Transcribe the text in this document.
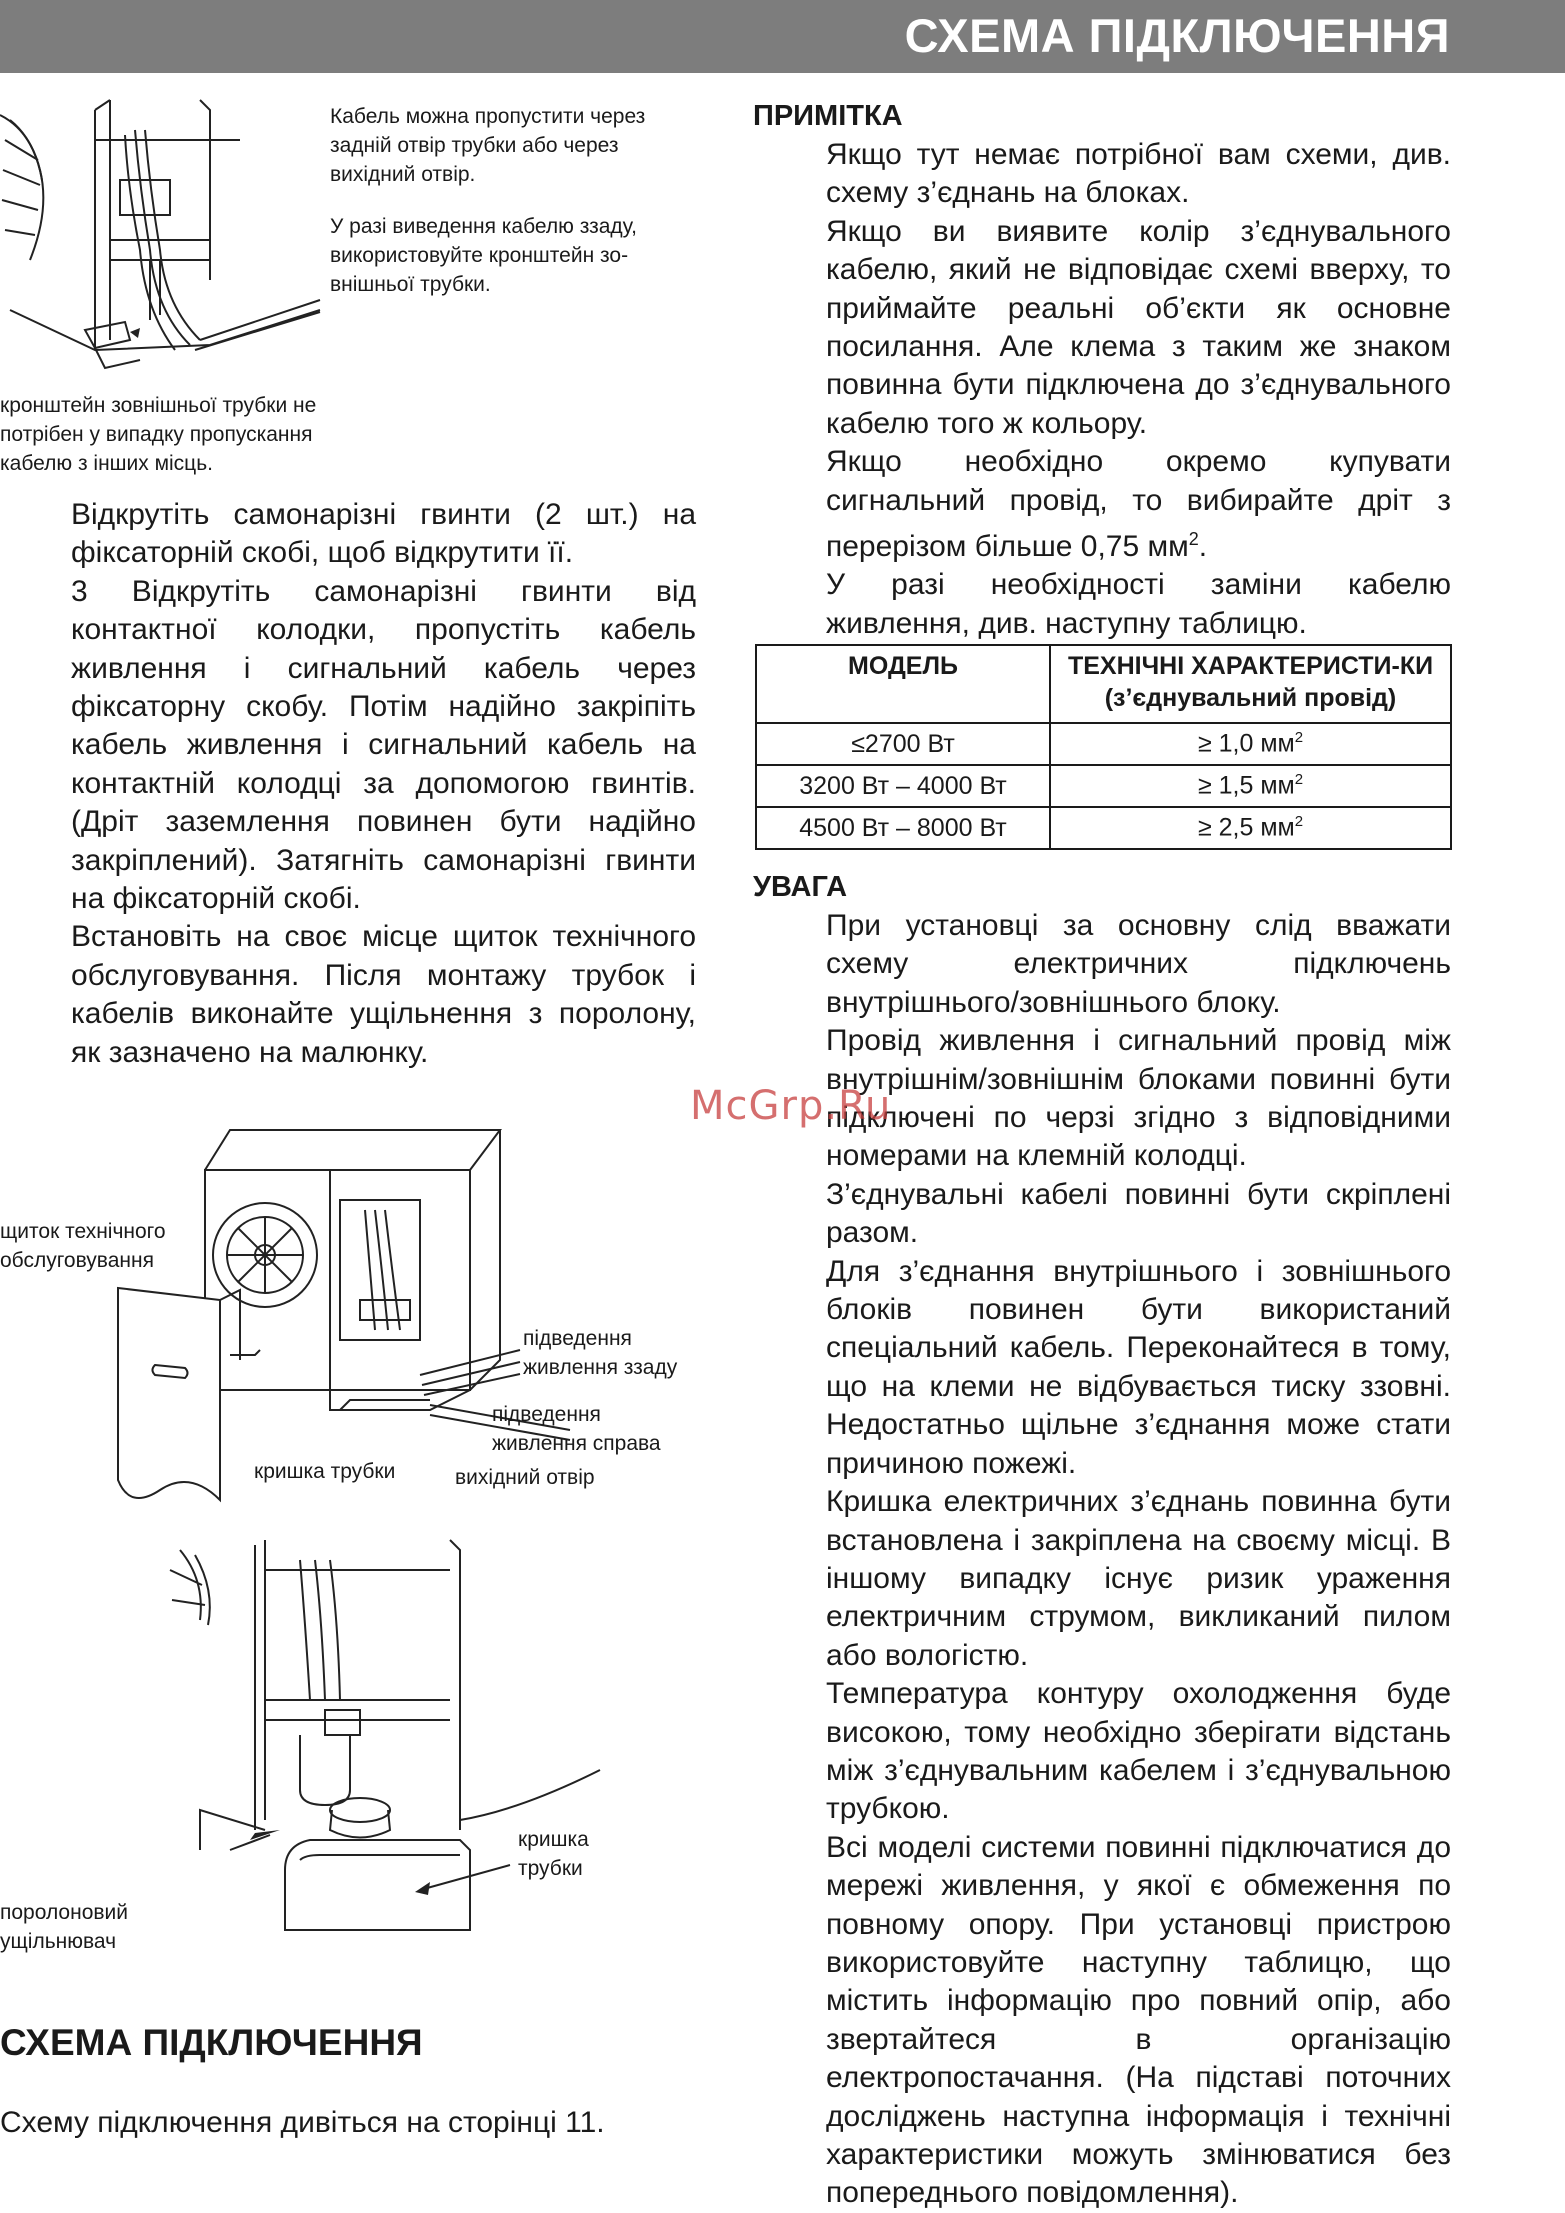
СХЕМА ПІДКЛЮЧЕННЯ
Кабель можна пропустити через
задній отвір трубки або через
вихідний отвір.
У разі виведення кабелю ззаду,
використовуйте кронштейн зо-
внішньої трубки.
кронштейн зовнішньої трубки не
потрібен у випадку пропускання
кабелю з інших місць.

Відкрутіть самонарізні гвинти (2 шт.) на фіксаторній скобі, щоб відкрутити її.

3 Відкрутіть самонарізні гвинти від контактної колодки, пропустіть кабель живлення і сигнальний кабель через фіксаторну скобу. Потім надійно закріпіть кабель живлення і сигнальний кабель на контактній колодці за допомогою гвинтів. (Дріт заземлення повинен бути надійно закріплений). Затягніть самонарізні гвинти на фіксаторній скобі.

Встановіть на своє місце щиток технічного обслуговування. Після монтажу трубок і кабелів виконайте ущільнення з поролону, як зазначено на малюнку.

щиток технічного
обслуговування
підведення
живлення ззаду
підведення
живлення справа
кришка трубки	вихідний отвір
кришка
трубки
поролоновий
ущільнювач
СХЕМА ПІДКЛЮЧЕННЯ
Схему підключення дивіться на сторінці 11.
ПРИМІТКА

Якщо тут немає потрібної вам схеми, див. схему з’єднань на блоках.

Якщо ви виявите колір з’єднувального кабелю, який не відповідає схемі вверху, то приймайте реальні об’єкти як основне посилання. Але клема з таким же знаком повинна бути підключена до з’єднувального кабелю того ж кольору.

Якщо необхідно окремо купувати сигнальний провід, то вибирайте дріт з перерізом більше 0,75 $мм^2$.

У разі необхідності заміни кабелю живлення, див. наступну таблицю.

МОДЕЛЬ	ТЕХНІЧНІ ХАРАКТЕРИСТИ-КИ (з’єднувальний провід)
≤2700 Вт	≥ 1,0 $мм^2$
3200 Вт – 4000 Вт	≥ 1,5 $мм^2$
4500 Вт – 8000 Вт	≥ 2,5 $мм^2$
УВАГА

При установці за основну слід вважати схему електричних підключень внутрішнього/зовнішнього блоку.

Провід живлення і сигнальний провід між внутрішнім/зовнішнім блоками повинні бути підключені по черзі згідно з відповідними номерами на клемній колодці.

З’єднувальні кабелі повинні бути скріплені разом.

Для з’єднання внутрішнього і зовнішнього блоків повинен бути використаний спеціальний кабель. Переконайтеся в тому, що на клеми не відбувається тиску ззовні. Недостатньо щільне з’єднання може стати причиною пожежі.

Кришка електричних з’єднань повинна бути встановлена і закріплена на своєму місці. В іншому випадку існує ризик ураження електричним струмом, викликаний пилом або вологістю.

Температура контуру охолодження буде високою, тому необхідно зберігати відстань між з’єднувальним кабелем і з’єднувальною трубкою.

Всі моделі системи повинні підключатися до мережі живлення, у якої є обмеження по повному опору. При установці пристрою використовуйте наступну таблицю, що містить інформацію про повний опір, або звертайтеся в організацію електропостачання. (На підставі поточних досліджень наступна інформація і технічні характеристики можуть змінюватися без попереднього повідомлення).

McGrp.Ru
